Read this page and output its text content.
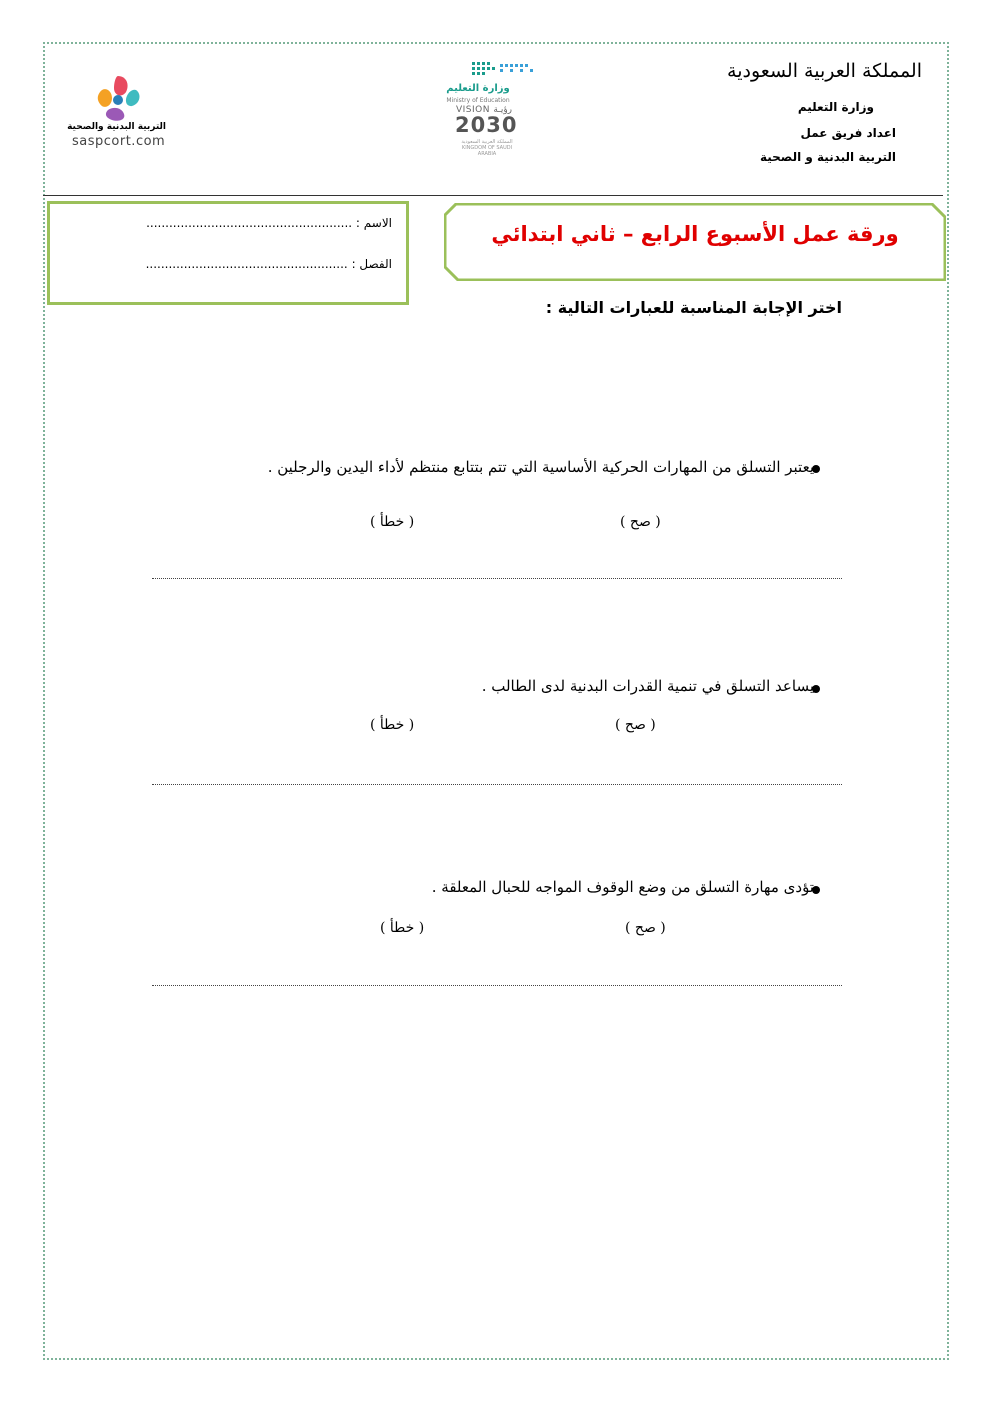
المملكة العربية السعودية
وزارة التعليم
اعداد فريق عمل
التربية البدنية و الصحية
وزارة التعليم
Ministry of Education
VISION رؤيـة
2030
المملكة العربية السعودية KINGDOM OF SAUDI ARABIA
التربية البدنية والصحية
saspcort.com
الاسم : ......................................................
الفصل : .....................................................
ورقة عمل الأسبوع الرابع – ثاني ابتدائي
اختر الإجابة المناسبة للعبارات التالية :
يعتبر التسلق من المهارات الحركية الأساسية التي تتم بتتابع منتظم لأداء اليدين والرجلين .
( صح )
( خطأ )
يساعد التسلق في تنمية القدرات البدنية لدى الطالب .
( صح )
( خطأ )
تؤدى مهارة التسلق من وضع الوقوف المواجه للحبال المعلقة .
( صح )
( خطأ )
